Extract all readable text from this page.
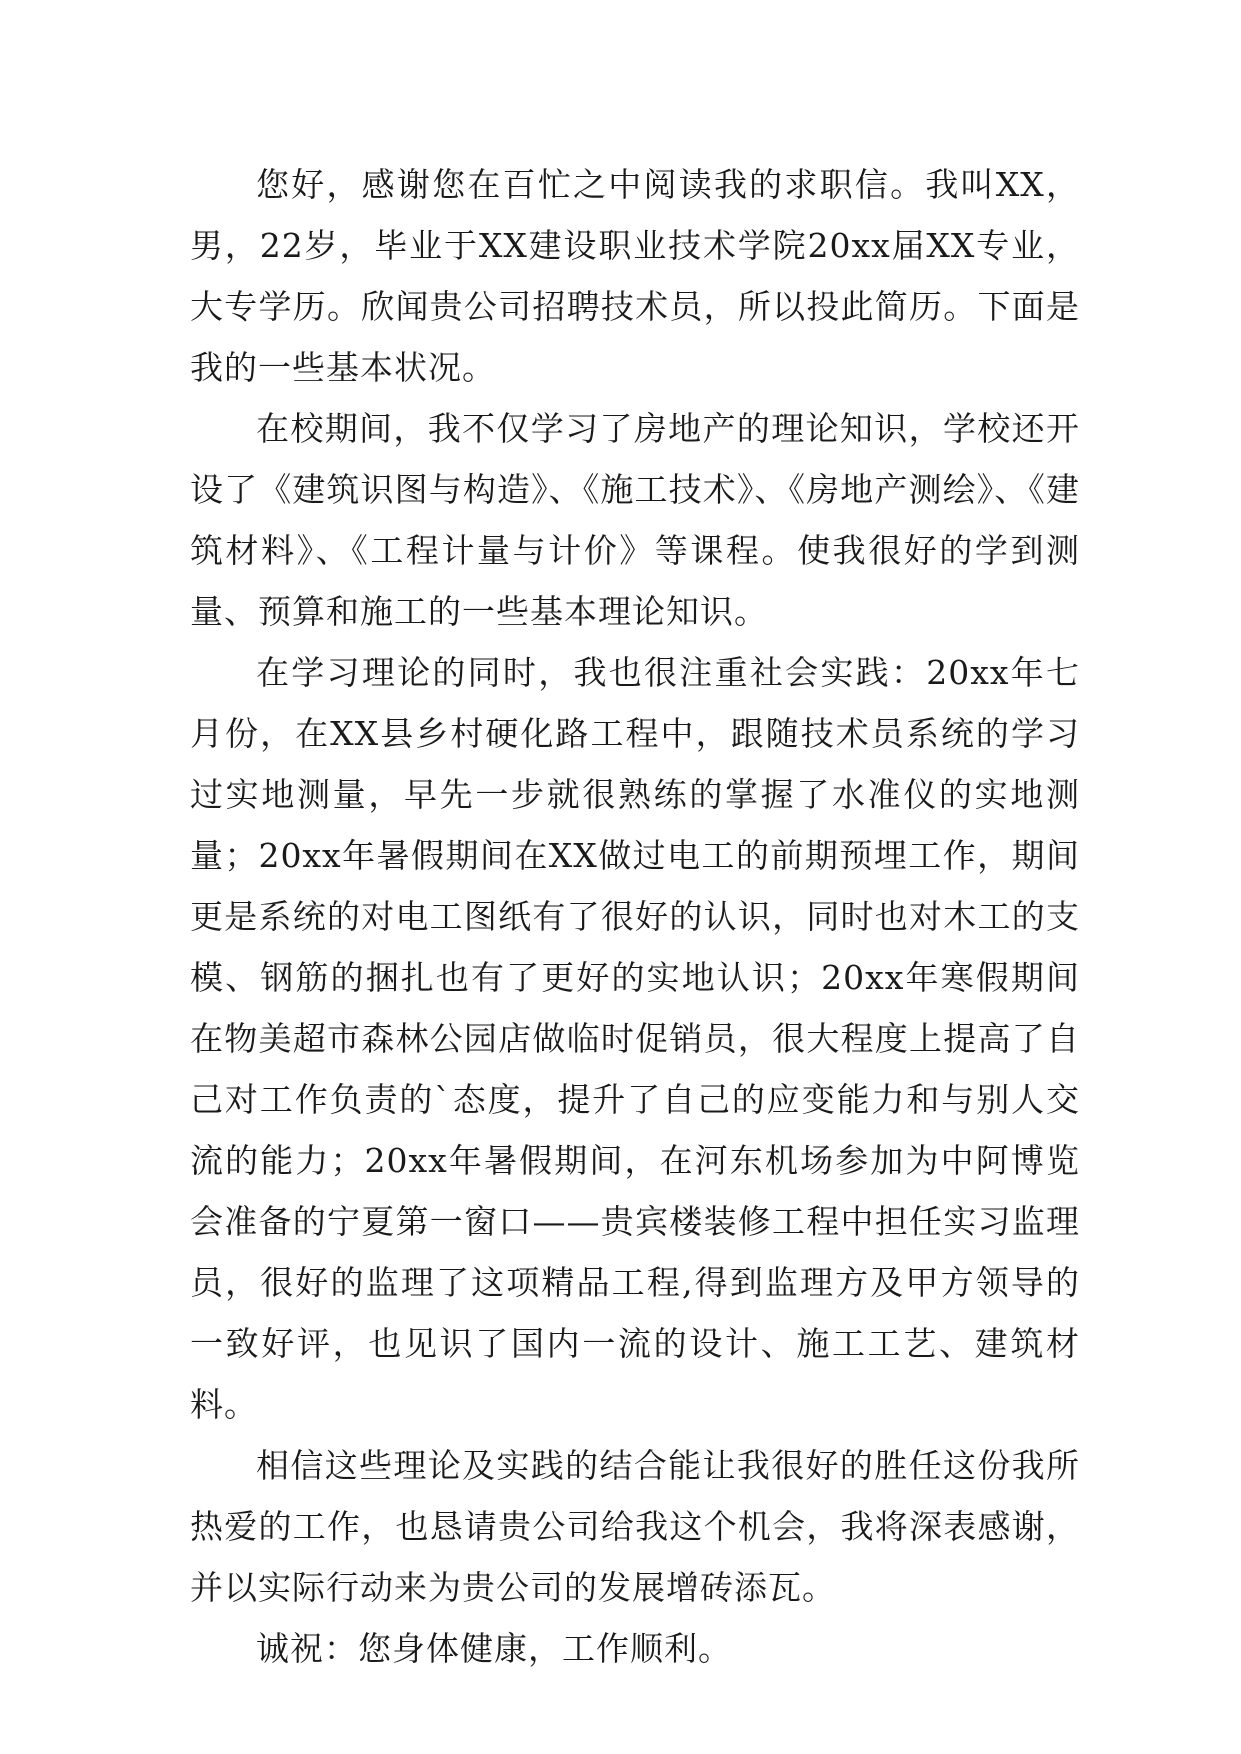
您好，感谢您在百忙之中阅读我的求职信。我叫XX，男，22岁，毕业于XX建设职业技术学院20xx届XX专业，大专学历。欣闻贵公司招聘技术员，所以投此简历。下面是我的一些基本状况。

在校期间，我不仅学习了房地产的理论知识，学校还开设了《建筑识图与构造》、《施工技术》、《房地产测绘》、《建筑材料》、《工程计量与计价》等课程。使我很好的学到测量、预算和施工的一些基本理论知识。

在学习理论的同时，我也很注重社会实践：20xx年七月份，在XX县乡村硬化路工程中，跟随技术员系统的学习过实地测量，早先一步就很熟练的掌握了水准仪的实地测量；20xx年暑假期间在XX做过电工的前期预埋工作，期间更是系统的对电工图纸有了很好的认识，同时也对木工的支模、钢筋的捆扎也有了更好的实地认识；20xx年寒假期间在物美超市森林公园店做临时促销员，很大程度上提高了自己对工作负责的`态度，提升了自己的应变能力和与别人交流的能力；20xx年暑假期间，在河东机场参加为中阿博览会准备的宁夏第一窗口——贵宾楼装修工程中担任实习监理员，很好的监理了这项精品工程,得到监理方及甲方领导的一致好评，也见识了国内一流的设计、施工工艺、建筑材料。

相信这些理论及实践的结合能让我很好的胜任这份我所热爱的工作，也恳请贵公司给我这个机会，我将深表感谢，并以实际行动来为贵公司的发展增砖添瓦。

诚祝：您身体健康，工作顺利。
